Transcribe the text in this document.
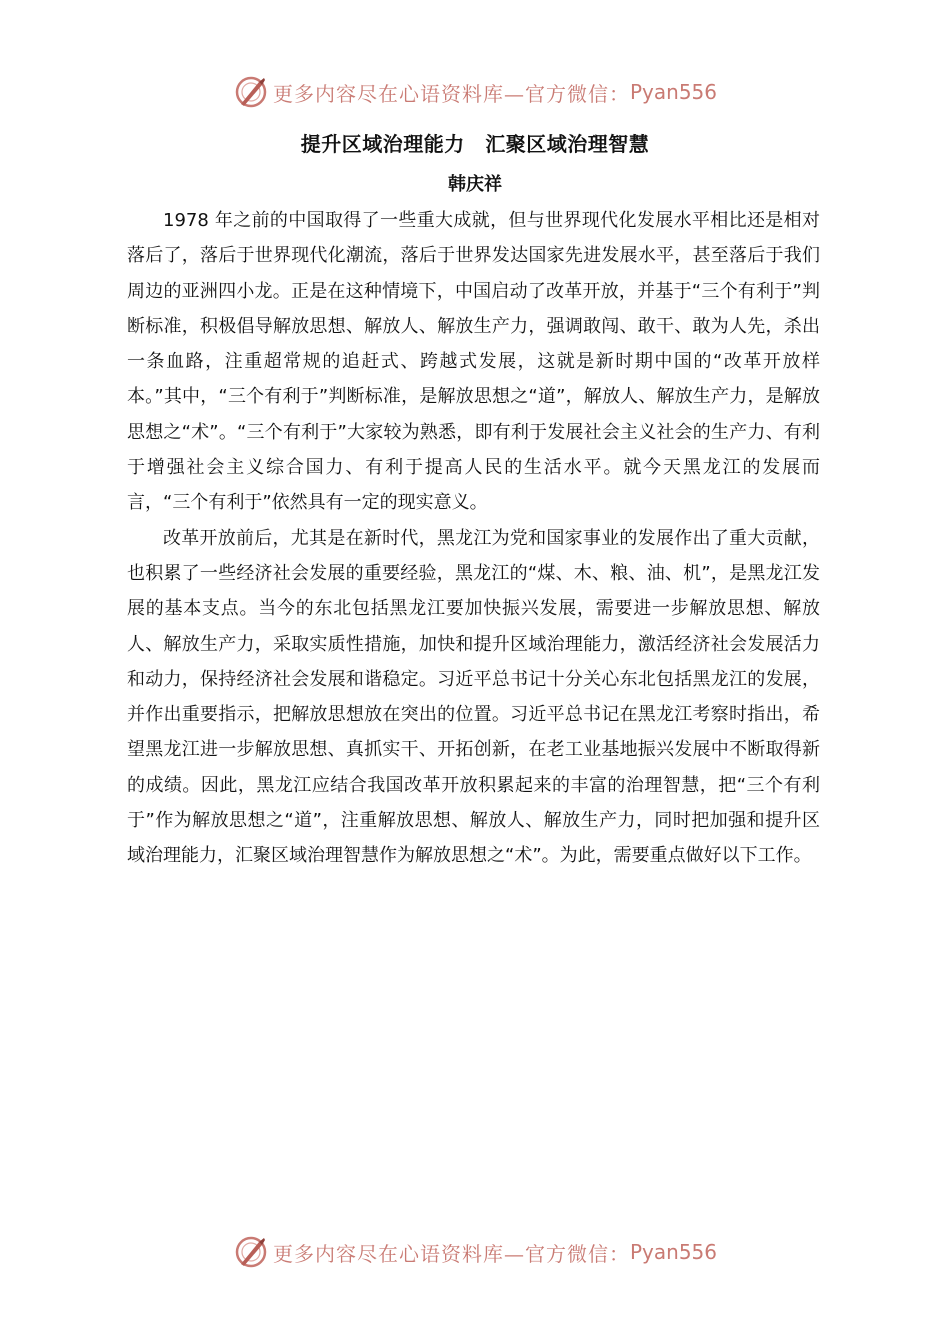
更多内容尽在心语资料库—官方微信： Pyan556
提升区域治理能力　汇聚区域治理智慧
韩庆祥

1978 年之前的中国取得了一些重大成就，但与世界现代化发展水平相比还是相对落后了，落后于世界现代化潮流，落后于世界发达国家先进发展水平，甚至落后于我们周边的亚洲四小龙。正是在这种情境下，中国启动了改革开放，并基于“三个有利于”判断标准，积极倡导解放思想、解放人、解放生产力，强调敢闯、敢干、敢为人先，杀出一条血路，注重超常规的追赶式、跨越式发展，这就是新时期中国的“改革开放样本。”其中，“三个有利于”判断标准，是解放思想之“道”，解放人、解放生产力，是解放思想之“术”。“三个有利于”大家较为熟悉，即有利于发展社会主义社会的生产力、有利于增强社会主义综合国力、有利于提高人民的生活水平。就今天黑龙江的发展而言，“三个有利于”依然具有一定的现实意义。

改革开放前后，尤其是在新时代，黑龙江为党和国家事业的发展作出了重大贡献，也积累了一些经济社会发展的重要经验，黑龙江的“煤、木、粮、油、机”，是黑龙江发展的基本支点。当今的东北包括黑龙江要加快振兴发展，需要进一步解放思想、解放人、解放生产力，采取实质性措施，加快和提升区域治理能力，激活经济社会发展活力和动力，保持经济社会发展和谐稳定。习近平总书记十分关心东北包括黑龙江的发展，并作出重要指示，把解放思想放在突出的位置。习近平总书记在黑龙江考察时指出，希望黑龙江进一步解放思想、真抓实干、开拓创新，在老工业基地振兴发展中不断取得新的成绩。因此，黑龙江应结合我国改革开放积累起来的丰富的治理智慧，把“三个有利于”作为解放思想之“道”，注重解放思想、解放人、解放生产力，同时把加强和提升区域治理能力，汇聚区域治理智慧作为解放思想之“术”。为此，需要重点做好以下工作。

更多内容尽在心语资料库—官方微信： Pyan556
